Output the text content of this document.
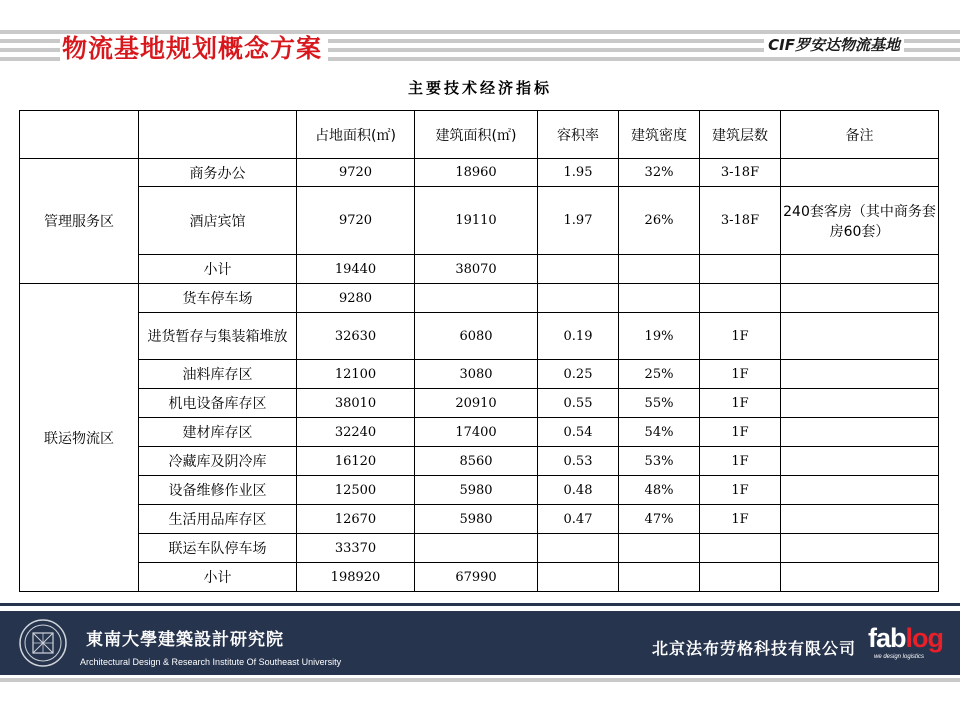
物流基地规划概念方案	CIF罗安达物流基地
主要技术经济指标
		占地面积(㎡)	建筑面积(㎡)	容积率	建筑密度	建筑层数	备注
管理服务区	商务办公	9720	18960	1.95	32%	3-18F	
	酒店宾馆	9720	19110	1.97	26%	3-18F	240套客房（其中商务套房60套）
	小计	19440	38070				
联运物流区	货车停车场	9280					
	进货暂存与集装箱堆放	32630	6080	0.19	19%	1F	
	油料库存区	12100	3080	0.25	25%	1F	
	机电设备库存区	38010	20910	0.55	55%	1F	
	建材库存区	32240	17400	0.54	54%	1F	
	冷藏库及阴冷库	16120	8560	0.53	53%	1F	
	设备维修作业区	12500	5980	0.48	48%	1F	
	生活用品库存区	12670	5980	0.47	47%	1F	
	联运车队停车场	33370					
	小计	198920	67990				
東南大學建築設計研究院
Architectural Design & Research Institute Of Southeast University
北京法布劳格科技有限公司 fablog
we design logistics
